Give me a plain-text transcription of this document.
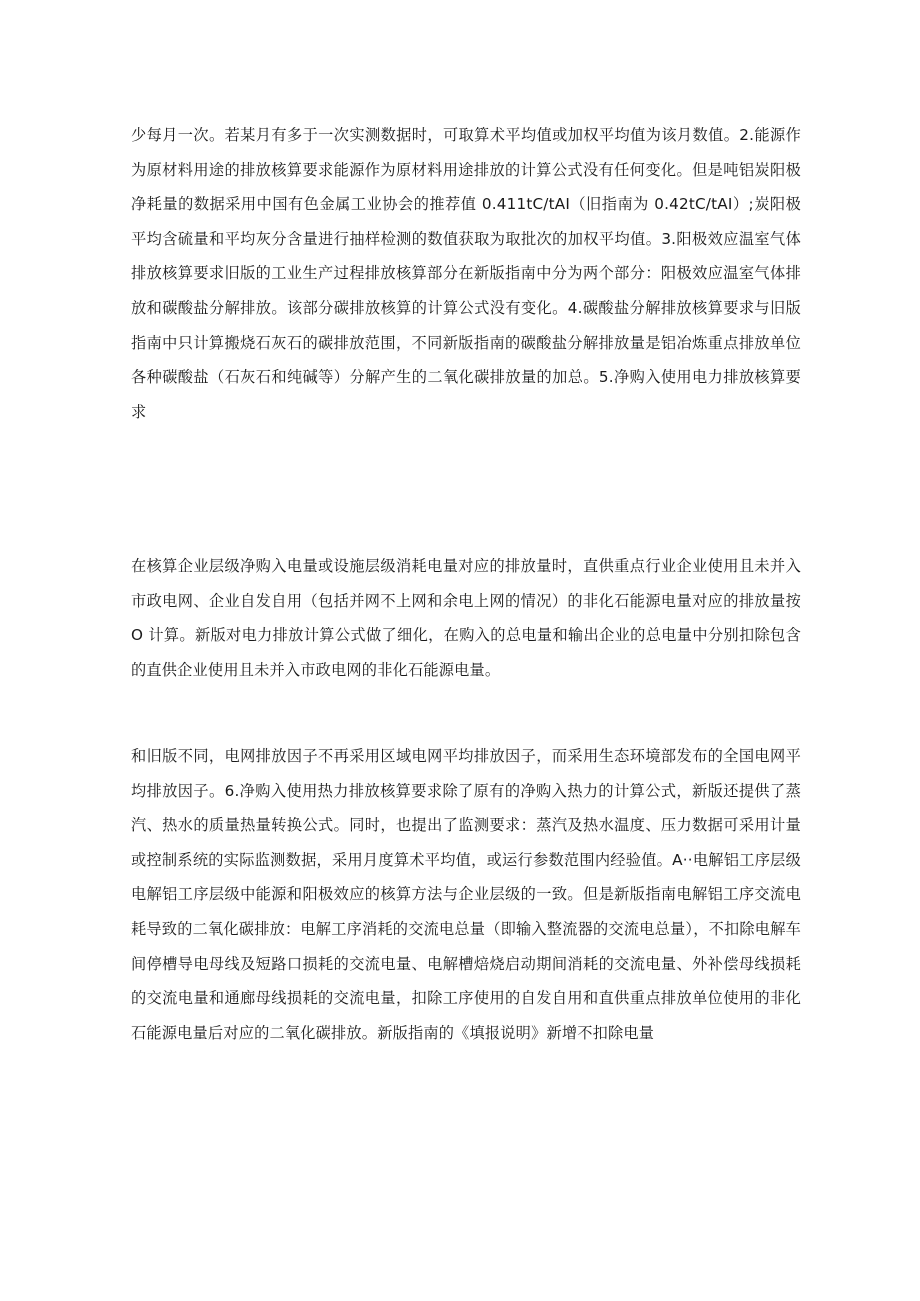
少每月一次。若某月有多于一次实测数据时，可取算术平均值或加权平均值为该月数值。2.能源作为原材料用途的排放核算要求能源作为原材料用途排放的计算公式没有任何变化。但是吨铝炭阳极净耗量的数据采用中国有色金属工业协会的推荐值 0.411tC/tAI（旧指南为 0.42tC/tAI）;炭阳极平均含硫量和平均灰分含量进行抽样检测的数值获取为取批次的加权平均值。3.阳极效应温室气体排放核算要求旧版的工业生产过程排放核算部分在新版指南中分为两个部分：阳极效应温室气体排放和碳酸盐分解排放。该部分碳排放核算的计算公式没有变化。4.碳酸盐分解排放核算要求与旧版指南中只计算搬烧石灰石的碳排放范围，不同新版指南的碳酸盐分解排放量是铝冶炼重点排放单位各种碳酸盐（石灰石和纯碱等）分解产生的二氧化碳排放量的加总。5.净购入使用电力排放核算要求

在核算企业层级净购入电量或设施层级消耗电量对应的排放量时，直供重点行业企业使用且未并入市政电网、企业自发自用（包括并网不上网和余电上网的情况）的非化石能源电量对应的排放量按 O 计算。新版对电力排放计算公式做了细化，在购入的总电量和输出企业的总电量中分别扣除包含的直供企业使用且未并入市政电网的非化石能源电量。

和旧版不同，电网排放因子不再采用区域电网平均排放因子，而采用生态环境部发布的全国电网平均排放因子。6.净购入使用热力排放核算要求除了原有的净购入热力的计算公式，新版还提供了蒸汽、热水的质量热量转换公式。同时，也提出了监测要求：蒸汽及热水温度、压力数据可采用计量或控制系统的实际监测数据，采用月度算术平均值，或运行参数范围内经验值。A··电解铝工序层级电解铝工序层级中能源和阳极效应的核算方法与企业层级的一致。但是新版指南电解铝工序交流电耗导致的二氧化碳排放：电解工序消耗的交流电总量（即输入整流器的交流电总量），不扣除电解车间停槽导电母线及短路口损耗的交流电量、电解槽焙烧启动期间消耗的交流电量、外补偿母线损耗的交流电量和通廊母线损耗的交流电量，扣除工序使用的自发自用和直供重点排放单位使用的非化石能源电量后对应的二氧化碳排放。新版指南的《填报说明》新增不扣除电量
